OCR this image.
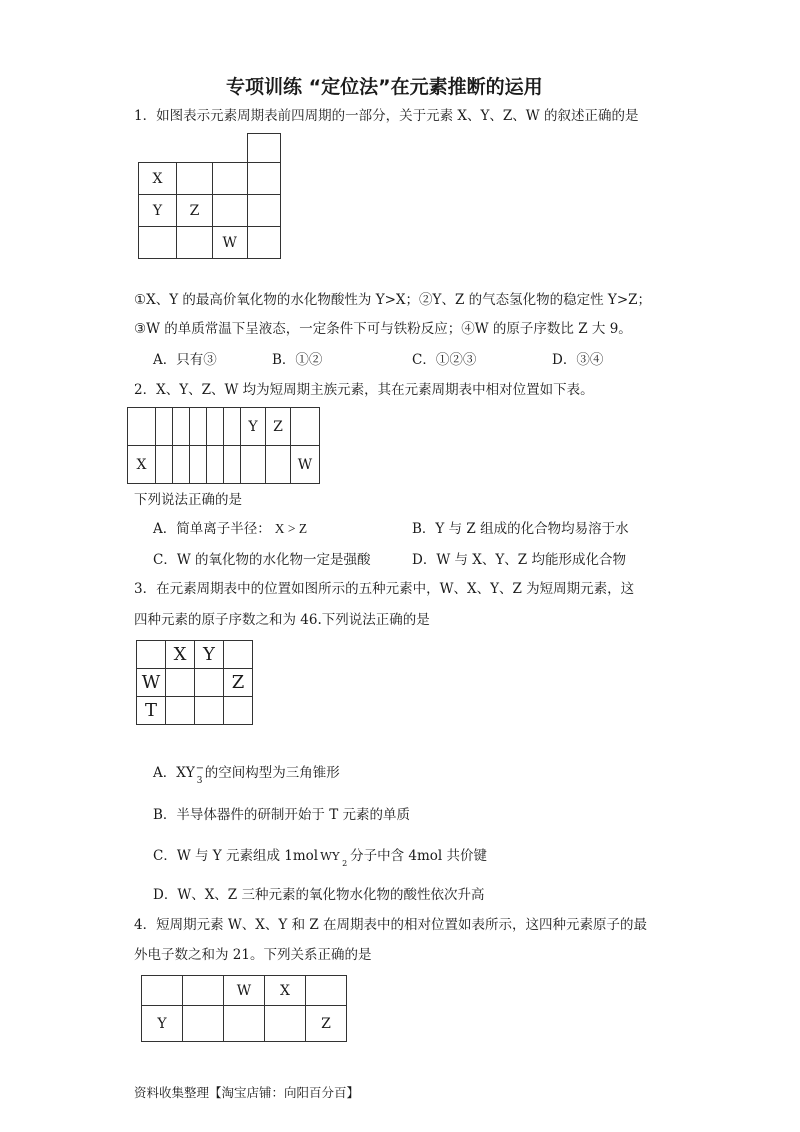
专项训练 “定位法”在元素推断的运用
1．如图表示元素周期表前四周期的一部分，关于元素 X、Y、Z、W 的叙述正确的是

X			
Y	Z		
		W	
①X、Y 的最高价氧化物的水化物酸性为 Y>X；②Y、Z 的气态氢化物的稳定性 Y>Z；
③W 的单质常温下呈液态，一定条件下可与铁粉反应；④W 的原子序数比 Z 大 9。
A．只有③	B．①②	C．①②③	D．③④
2．X、Y、Z、W 均为短周期主族元素，其在元素周期表中相对位置如下表。
						Y	Z	
X								W
下列说法正确的是
A．简单离子半径： X > Z	B．Y 与 Z 组成的化合物均易溶于水
C．W 的氧化物的水化物一定是强酸	D．W 与 X、Y、Z 均能形成化合物
3．在元素周期表中的位置如图所示的五种元素中，W、X、Y、Z 为短周期元素，这
四种元素的原子序数之和为 46.下列说法正确的是
	X	Y	
W			Z
T			
A．XY −
3 的空间构型为三角锥形
B．半导体器件的研制开始于 T 元素的单质
C．W 与 Y 元素组成 1mol WY
2 分子中含 4mol 共价键
D．W、X、Z 三种元素的氧化物水化物的酸性依次升高
4．短周期元素 W、X、Y 和 Z 在周期表中的相对位置如表所示，这四种元素原子的最
外电子数之和为 21。下列关系正确的是
		W	X	
Y				Z
资料收集整理【淘宝店铺：向阳百分百】
